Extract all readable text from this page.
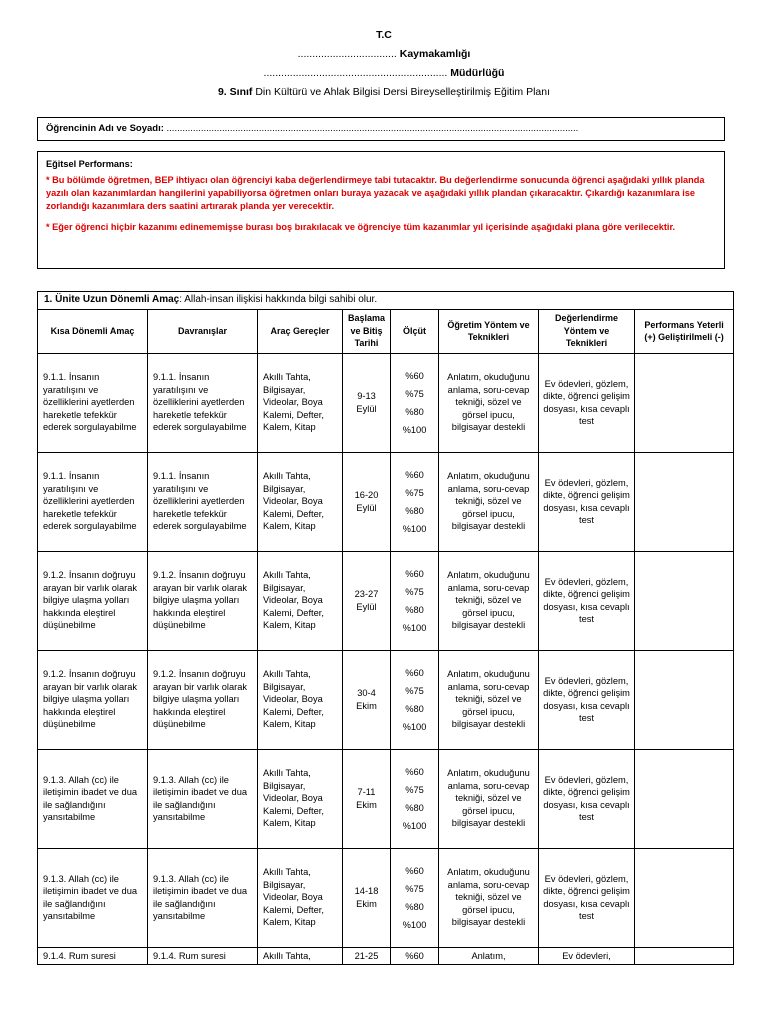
T.C
.................................. Kaymakamlığı
............................................................... Müdürlüğü
9. Sınıf Din Kültürü ve Ahlak Bilgisi Dersi Bireyselleştirilmiş Eğitim Planı
Öğrencinin Adı ve Soyadı: ............................................................................................................................................................
Eğitsel Performans:
* Bu bölümde öğretmen, BEP ihtiyacı olan öğrenciyi kaba değerlendirmeye tabi tutacaktır. Bu değerlendirme sonucunda öğrenci aşağıdaki yıllık planda yazılı olan kazanımlardan hangilerini yapabiliyorsa öğretmen onları buraya yazacak ve aşağıdaki yıllık plandan çıkaracaktır. Çıkardığı kazanımlara ise zorlandığı kazanımlara ders saatini artırarak planda yer verecektir.
* Eğer öğrenci hiçbir kazanımı edinememişse burası boş bırakılacak ve öğrenciye tüm kazanımlar yıl içerisinde aşağıdaki plana göre verilecektir.
1. Ünite Uzun Dönemli Amaç: Allah-insan ilişkisi hakkında bilgi sahibi olur.							
Kısa Dönemli Amaç	Davranışlar	Araç Gereçler	Başlama ve Bitiş Tarihi	Ölçüt	Öğretim Yöntem ve Teknikleri	Değerlendirme Yöntem ve Teknikleri	Performans Yeterli (+) Geliştirilmeli (-)
9.1.1. İnsanın yaratılışını ve özelliklerini ayetlerden hareketle tefekkür ederek sorgulayabilme	9.1.1. İnsanın yaratılışını ve özelliklerini ayetlerden hareketle tefekkür ederek sorgulayabilme	Akıllı Tahta, Bilgisayar, Videolar, Boya Kalemi, Defter, Kalem, Kitap	9-13 Eylül	%60
%75
%80
%100	Anlatım, okuduğunu anlama, soru-cevap tekniği, sözel ve görsel ipucu, bilgisayar destekli	Ev ödevleri, gözlem, dikte, öğrenci gelişim dosyası, kısa cevaplı test	
9.1.1. İnsanın yaratılışını ve özelliklerini ayetlerden hareketle tefekkür ederek sorgulayabilme	9.1.1. İnsanın yaratılışını ve özelliklerini ayetlerden hareketle tefekkür ederek sorgulayabilme	Akıllı Tahta, Bilgisayar, Videolar, Boya Kalemi, Defter, Kalem, Kitap	16-20 Eylül	%60
%75
%80
%100	Anlatım, okuduğunu anlama, soru-cevap tekniği, sözel ve görsel ipucu, bilgisayar destekli	Ev ödevleri, gözlem, dikte, öğrenci gelişim dosyası, kısa cevaplı test	
9.1.2. İnsanın doğruyu arayan bir varlık olarak bilgiye ulaşma yolları hakkında eleştirel düşünebilme	9.1.2. İnsanın doğruyu arayan bir varlık olarak bilgiye ulaşma yolları hakkında eleştirel düşünebilme	Akıllı Tahta, Bilgisayar, Videolar, Boya Kalemi, Defter, Kalem, Kitap	23-27 Eylül	%60
%75
%80
%100	Anlatım, okuduğunu anlama, soru-cevap tekniği, sözel ve görsel ipucu, bilgisayar destekli	Ev ödevleri, gözlem, dikte, öğrenci gelişim dosyası, kısa cevaplı test	
9.1.2. İnsanın doğruyu arayan bir varlık olarak bilgiye ulaşma yolları hakkında eleştirel düşünebilme	9.1.2. İnsanın doğruyu arayan bir varlık olarak bilgiye ulaşma yolları hakkında eleştirel düşünebilme	Akıllı Tahta, Bilgisayar, Videolar, Boya Kalemi, Defter, Kalem, Kitap	30-4 Ekim	%60
%75
%80
%100	Anlatım, okuduğunu anlama, soru-cevap tekniği, sözel ve görsel ipucu, bilgisayar destekli	Ev ödevleri, gözlem, dikte, öğrenci gelişim dosyası, kısa cevaplı test	
9.1.3. Allah (cc) ile iletişimin ibadet ve dua ile sağlandığını yansıtabilme	9.1.3. Allah (cc) ile iletişimin ibadet ve dua ile sağlandığını yansıtabilme	Akıllı Tahta, Bilgisayar, Videolar, Boya Kalemi, Defter, Kalem, Kitap	7-11 Ekim	%60
%75
%80
%100	Anlatım, okuduğunu anlama, soru-cevap tekniği, sözel ve görsel ipucu, bilgisayar destekli	Ev ödevleri, gözlem, dikte, öğrenci gelişim dosyası, kısa cevaplı test	
9.1.3. Allah (cc) ile iletişimin ibadet ve dua ile sağlandığını yansıtabilme	9.1.3. Allah (cc) ile iletişimin ibadet ve dua ile sağlandığını yansıtabilme	Akıllı Tahta, Bilgisayar, Videolar, Boya Kalemi, Defter, Kalem, Kitap	14-18 Ekim	%60
%75
%80
%100	Anlatım, okuduğunu anlama, soru-cevap tekniği, sözel ve görsel ipucu, bilgisayar destekli	Ev ödevleri, gözlem, dikte, öğrenci gelişim dosyası, kısa cevaplı test	
9.1.4. Rum suresi	9.1.4. Rum suresi	Akıllı Tahta,	21-25	%60	Anlatım,	Ev ödevleri,	
